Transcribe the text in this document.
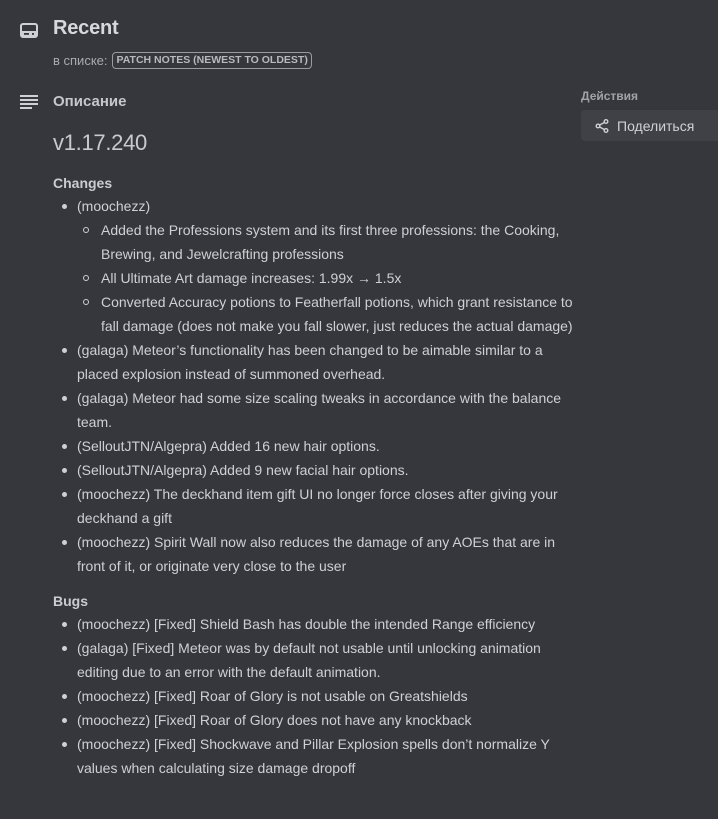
Recent
в списке: PATCH NOTES (NEWEST TO OLDEST)
Описание	Действия
Поделиться
v1.17.240
Changes
(moochezz)
Added the Professions system and its first three professions: the Cooking, Brewing, and Jewelcrafting professions
All Ultimate Art damage increases: 1.99x → 1.5x
Converted Accuracy potions to Featherfall potions, which grant resistance to fall damage (does not make you fall slower, just reduces the actual damage)
(galaga) Meteor’s functionality has been changed to be aimable similar to a placed explosion instead of summoned overhead.
(galaga) Meteor had some size scaling tweaks in accordance with the balance team.
(SelloutJTN/Algepra) Added 16 new hair options.
(SelloutJTN/Algepra) Added 9 new facial hair options.
(moochezz) The deckhand item gift UI no longer force closes after giving your deckhand a gift
(moochezz) Spirit Wall now also reduces the damage of any AOEs that are in front of it, or originate very close to the user
Bugs
(moochezz) [Fixed] Shield Bash has double the intended Range efficiency
(galaga) [Fixed] Meteor was by default not usable until unlocking animation editing due to an error with the default animation.
(moochezz) [Fixed] Roar of Glory is not usable on Greatshields
(moochezz) [Fixed] Roar of Glory does not have any knockback
(moochezz) [Fixed] Shockwave and Pillar Explosion spells don’t normalize Y values when calculating size damage dropoff
